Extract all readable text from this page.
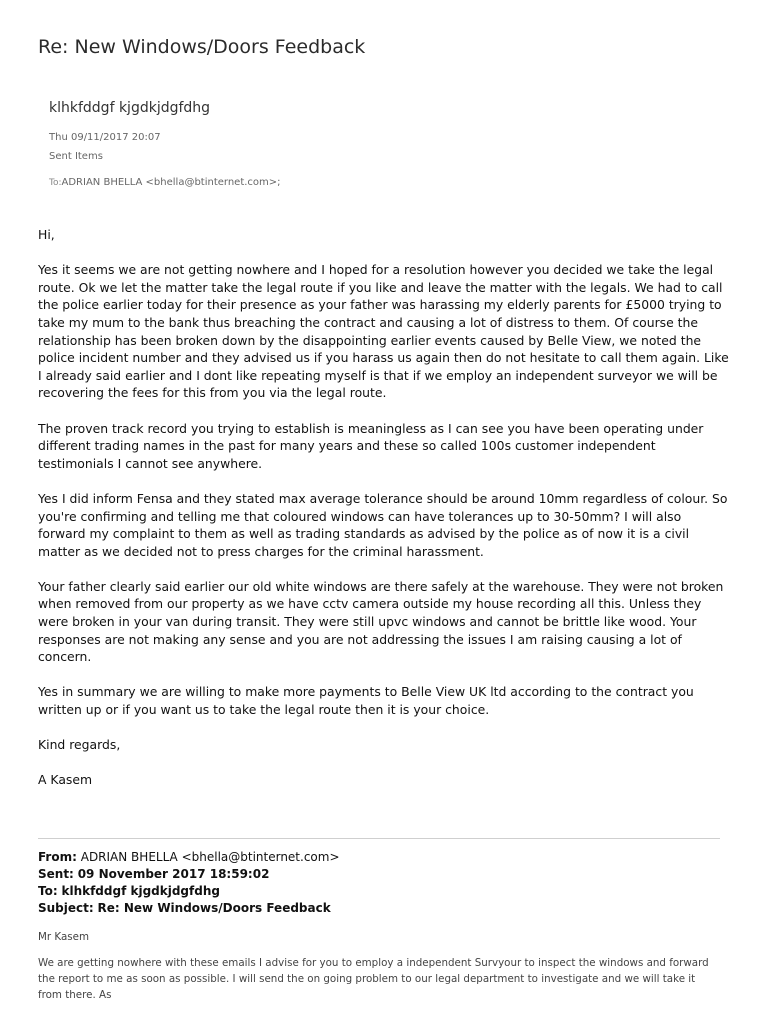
Re: New Windows/Doors Feedback
klhkfddgf kjgdkjdgfdhg
Thu 09/11/2017 20:07
Sent Items
To:ADRIAN BHELLA <bhella@btinternet.com>;

Hi,

Yes it seems we are not getting nowhere and I hoped for a resolution however you decided we take the legal route. Ok we let the matter take the legal route if you like and leave the matter with the legals. We had to call the police earlier today for their presence as your father was harassing my elderly parents for £5000 trying to take my mum to the bank thus breaching the contract and causing a lot of distress to them. Of course the relationship has been broken down by the disappointing earlier events caused by Belle View, we noted the police incident number and they advised us if you harass us again then do not hesitate to call them again. Like I already said earlier and I dont like repeating myself is that if we employ an independent surveyor we will be recovering the fees for this from you via the legal route.

The proven track record you trying to establish is meaningless as I can see you have been operating under different trading names in the past for many years and these so called 100s customer independent testimonials I cannot see anywhere.

Yes I did inform Fensa and they stated max average tolerance should be around 10mm regardless of colour. So you're confirming and telling me that coloured windows can have tolerances up to 30-50mm? I will also forward my complaint to them as well as trading standards as advised by the police as of now it is a civil matter as we decided not to press charges for the criminal harassment.

Your father clearly said earlier our old white windows are there safely at the warehouse. They were not broken when removed from our property as we have cctv camera outside my house recording all this. Unless they were broken in your van during transit. They were still upvc windows and cannot be brittle like wood. Your responses are not making any sense and you are not addressing the issues I am raising causing a lot of concern.

Yes in summary we are willing to make more payments to Belle View UK ltd according to the contract you written up or if you want us to take the legal route then it is your choice.

Kind regards,

A Kasem

From: ADRIAN BHELLA <bhella@btinternet.com>
Sent: 09 November 2017 18:59:02
To: klhkfddgf kjgdkjdgfdhg
Subject: Re: New Windows/Doors Feedback

Mr Kasem

We are getting nowhere with these emails I advise for you to employ a independent Survyour to inspect the windows and forward the report to me as soon as possible. I will send the on going problem to our legal department to investigate and we will take it from there. As
